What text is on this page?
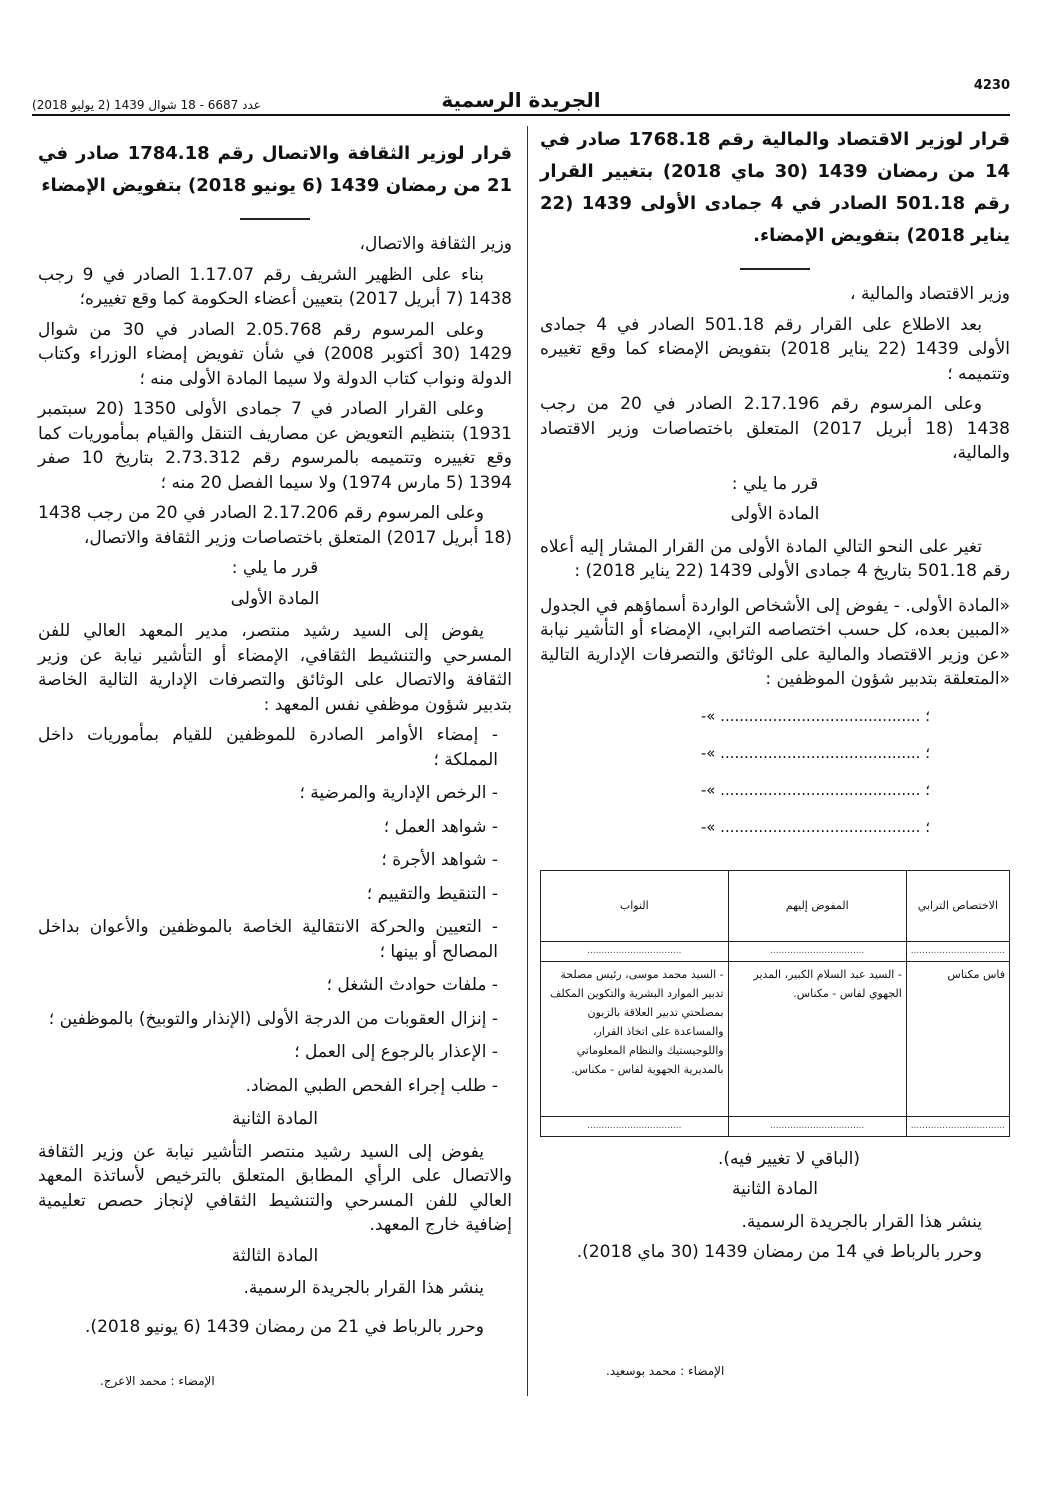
4230
الجريدة الرسمية
عدد 6687 - 18 شوال 1439 (2 يوليو 2018)
قرار لوزير الاقتصاد والمالية رقم 1768.18 صادر في 14 من رمضان 1439 (30 ماي 2018) بتغيير القرار رقم 501.18 الصادر في 4 جمادى الأولى 1439 (22 يناير 2018) بتفويض الإمضاء.

وزير الاقتصاد والمالية ،

بعد الاطلاع على القرار رقم 501.18 الصادر في 4 جمادى الأولى 1439 (22 يناير 2018) بتفويض الإمضاء كما وقع تغييره وتتميمه ؛

وعلى المرسوم رقم 2.17.196 الصادر في 20 من رجب 1438 (18 أبريل 2017) المتعلق باختصاصات وزير الاقتصاد والمالية،

قرر ما يلي :

المادة الأولى

تغير على النحو التالي المادة الأولى من القرار المشار إليه أعلاه رقم 501.18 بتاريخ 4 جمادى الأولى 1439 (22 يناير 2018) :

«المادة الأولى. - يفوض إلى الأشخاص الواردة أسماؤهم في الجدول «المبين بعده، كل حسب اختصاصه الترابي، الإمضاء أو التأشير نيابة «عن وزير الاقتصاد والمالية على الوثائق والتصرفات الإدارية التالية «المتعلقة بتدبير شؤون الموظفين :

-« .......................................... ؛
-« .......................................... ؛
-« .......................................... ؛
-« .......................................... ؛
الاختصاص الترابي	المفوض إليهم	النواب
.................................	.................................	.................................
فاس مكناس	- السيد عبد السلام الكبير، المدير الجهوي لفاس - مكناس.	- السيد محمد موسى، رئيس مصلحة تدبير الموارد البشرية والتكوين المكلف بمصلحتي تدبير العلاقة بالزبون والمساعدة على اتخاذ القرار، واللوجيستيك والنظام المعلوماتي بالمديرية الجهوية لفاس - مكناس.
.................................	.................................	.................................

(الباقي لا تغيير فيه).

المادة الثانية

ينشر هذا القرار بالجريدة الرسمية.

وحرر بالرباط في 14 من رمضان 1439 (30 ماي 2018).

الإمضاء : محمد بوسعيد.
قرار لوزير الثقافة والاتصال رقم 1784.18 صادر في 21 من رمضان 1439 (6 يونيو 2018) بتفويض الإمضاء

وزير الثقافة والاتصال،

بناء على الظهير الشريف رقم 1.17.07 الصادر في 9 رجب 1438 (7 أبريل 2017) بتعيين أعضاء الحكومة كما وقع تغييره؛

وعلى المرسوم رقم 2.05.768 الصادر في 30 من شوال 1429 (30 أكتوبر 2008) في شأن تفويض إمضاء الوزراء وكتاب الدولة ونواب كتاب الدولة ولا سيما المادة الأولى منه ؛

وعلى القرار الصادر في 7 جمادى الأولى 1350 (20 سبتمبر 1931) بتنظيم التعويض عن مصاريف التنقل والقيام بمأموريات كما وقع تغييره وتتميمه بالمرسوم رقم 2.73.312 بتاريخ 10 صفر 1394 (5 مارس 1974) ولا سيما الفصل 20 منه ؛

وعلى المرسوم رقم 2.17.206 الصادر في 20 من رجب 1438 (18 أبريل 2017) المتعلق باختصاصات وزير الثقافة والاتصال،

قرر ما يلي :

المادة الأولى

يفوض إلى السيد رشيد منتصر، مدير المعهد العالي للفن المسرحي والتنشيط الثقافي، الإمضاء أو التأشير نيابة عن وزير الثقافة والاتصال على الوثائق والتصرفات الإدارية التالية الخاصة بتدبير شؤون موظفي نفس المعهد :

- إمضاء الأوامر الصادرة للموظفين للقيام بمأموريات داخل المملكة ؛
- الرخص الإدارية والمرضية ؛
- شواهد العمل ؛
- شواهد الأجرة ؛
- التنقيط والتقييم ؛
- التعيين والحركة الانتقالية الخاصة بالموظفين والأعوان بداخل المصالح أو بينها ؛
- ملفات حوادث الشغل ؛
- إنزال العقوبات من الدرجة الأولى (الإنذار والتوبيخ) بالموظفين ؛
- الإعذار بالرجوع إلى العمل ؛
- طلب إجراء الفحص الطبي المضاد.

المادة الثانية

يفوض إلى السيد رشيد منتصر التأشير نيابة عن وزير الثقافة والاتصال على الرأي المطابق المتعلق بالترخيص لأساتذة المعهد العالي للفن المسرحي والتنشيط الثقافي لإنجاز حصص تعليمية إضافية خارج المعهد.

المادة الثالثة

ينشر هذا القرار بالجريدة الرسمية.

وحرر بالرباط في 21 من رمضان 1439 (6 يونيو 2018).

الإمضاء : محمد الاعرج.
